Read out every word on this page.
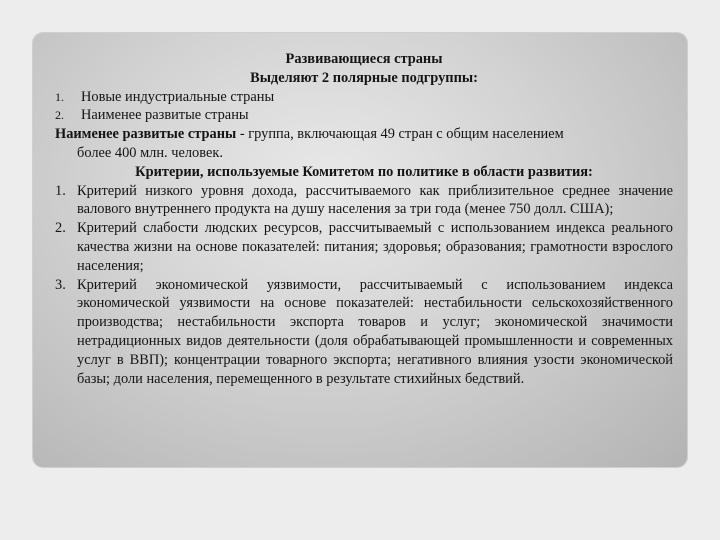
Развивающиеся страны
Выделяют 2 полярные подгруппы:
1. Новые индустриальные страны
2. Наименее развитые страны
Наименее развитые страны - группа, включающая 49 стран с общим населением
более 400 млн. человек.
Критерии, используемые Комитетом по политике в области развития:
1. Критерий низкого уровня дохода, рассчитываемого как приблизительное среднее значение валового внутреннего продукта на душу населения за три года (менее 750 долл. США);
2. Критерий слабости людских ресурсов, рассчитываемый с использованием индекса реального качества жизни на основе показателей: питания; здоровья; образования; грамотности взрослого населения;
3. Критерий экономической уязвимости, рассчитываемый с использованием индекса экономической уязвимости на основе показателей: нестабильности сельскохозяйственного производства; нестабильности экспорта товаров и услуг; экономической значимости нетрадиционных видов деятельности (доля обрабатывающей промышленности и современных услуг в ВВП); концентрации товарного экспорта; негативного влияния узости экономической базы; доли населения, перемещенного в результате стихийных бедствий.
